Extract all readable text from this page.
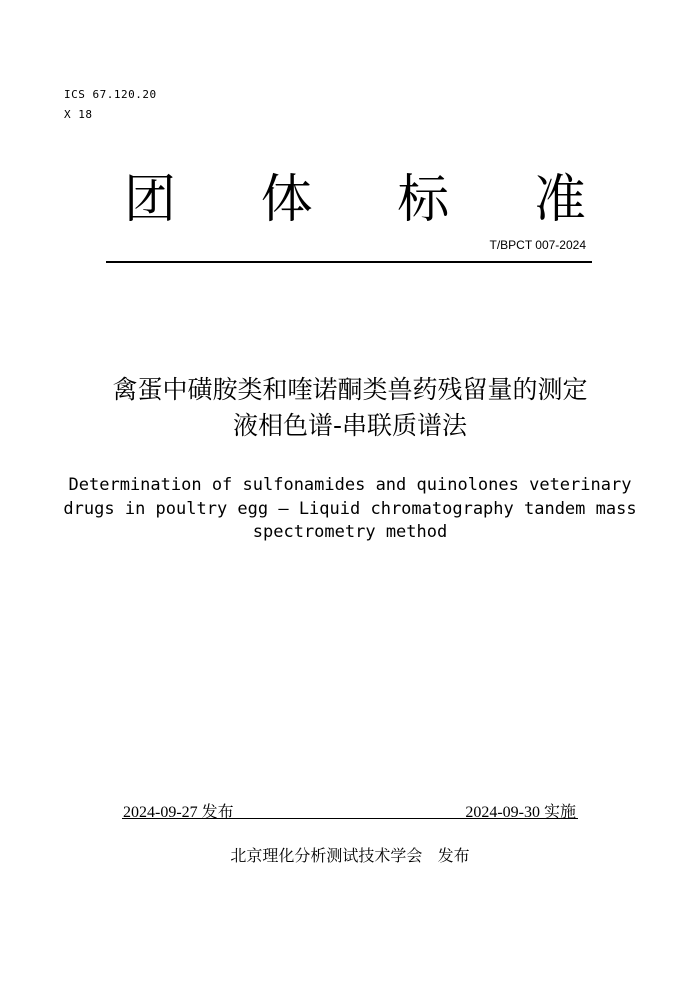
ICS 67.120.20
X 18
团 体 标 准
T/BPCT 007-2024
禽蛋中磺胺类和喹诺酮类兽药残留量的测定
液相色谱-串联质谱法
Determination of sulfonamides and quinolones veterinary
drugs in poultry egg — Liquid chromatography tandem mass
spectrometry method
2024-09-27 发布	2024-09-30 实施
北京理化分析测试技术学会   发布
